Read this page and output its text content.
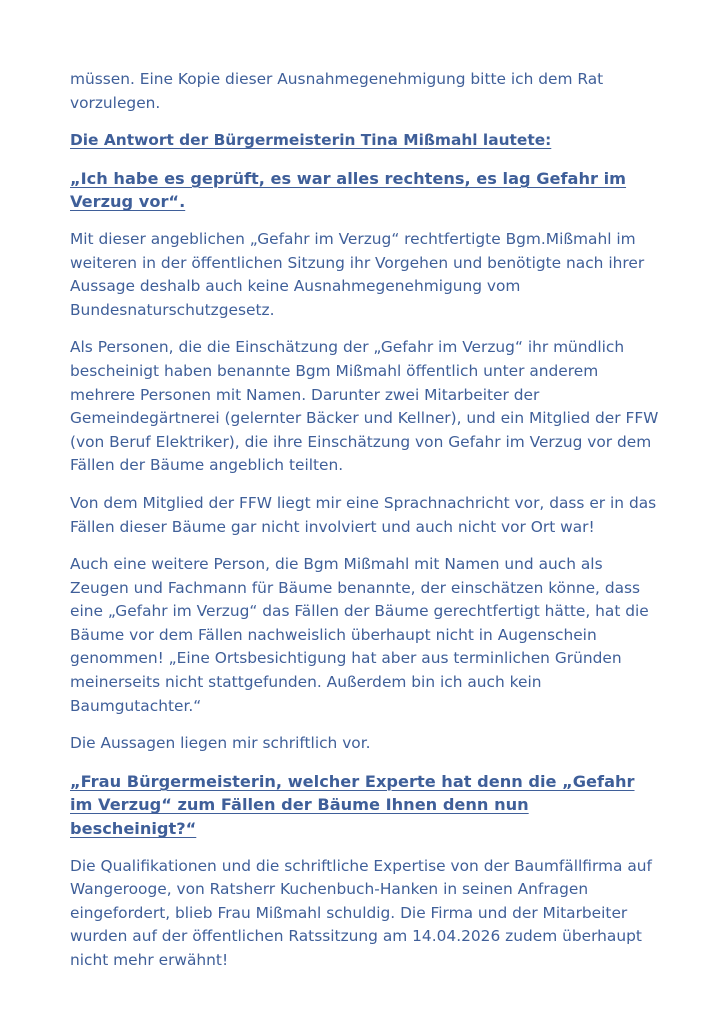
müssen. Eine Kopie dieser Ausnahmegenehmigung bitte ich dem Rat vorzulegen.

Die Antwort der Bürgermeisterin Tina Mißmahl lautete:

„Ich habe es geprüft, es war alles rechtens, es lag Gefahr im Verzug vor“.

Mit dieser angeblichen „Gefahr im Verzug“ rechtfertigte Bgm.Mißmahl im weiteren in der öffentlichen Sitzung ihr Vorgehen und benötigte nach ihrer Aussage deshalb auch keine Ausnahmegenehmigung vom Bundesnaturschutzgesetz.

Als Personen, die die Einschätzung der „Gefahr im Verzug“ ihr mündlich bescheinigt haben benannte Bgm Mißmahl öffentlich unter anderem mehrere Personen mit Namen. Darunter zwei Mitarbeiter der Gemeindegärtnerei (gelernter Bäcker und Kellner), und ein Mitglied der FFW (von Beruf Elektriker), die ihre Einschätzung von Gefahr im Verzug vor dem Fällen der Bäume angeblich teilten.

Von dem Mitglied der FFW liegt mir eine Sprachnachricht vor, dass er in das Fällen dieser Bäume gar nicht involviert und auch nicht vor Ort war!

Auch eine weitere Person, die Bgm Mißmahl mit Namen und auch als Zeugen und Fachmann für Bäume benannte, der einschätzen könne, dass eine „Gefahr im Verzug“ das Fällen der Bäume gerechtfertigt hätte, hat die Bäume vor dem Fällen nachweislich überhaupt nicht in Augenschein genommen! „Eine Ortsbesichtigung hat aber aus terminlichen Gründen meinerseits nicht stattgefunden. Außerdem bin ich auch kein Baumgutachter.“

Die Aussagen liegen mir schriftlich vor.

„Frau Bürgermeisterin, welcher Experte hat denn die „Gefahr im Verzug“ zum Fällen der Bäume Ihnen denn nun bescheinigt?“

Die Qualifikationen und die schriftliche Expertise von der Baumfällfirma auf Wangerooge, von Ratsherr Kuchenbuch-Hanken in seinen Anfragen eingefordert, blieb Frau Mißmahl schuldig. Die Firma und der Mitarbeiter wurden auf der öffentlichen Ratssitzung am 14.04.2026 zudem überhaupt nicht mehr erwähnt!
